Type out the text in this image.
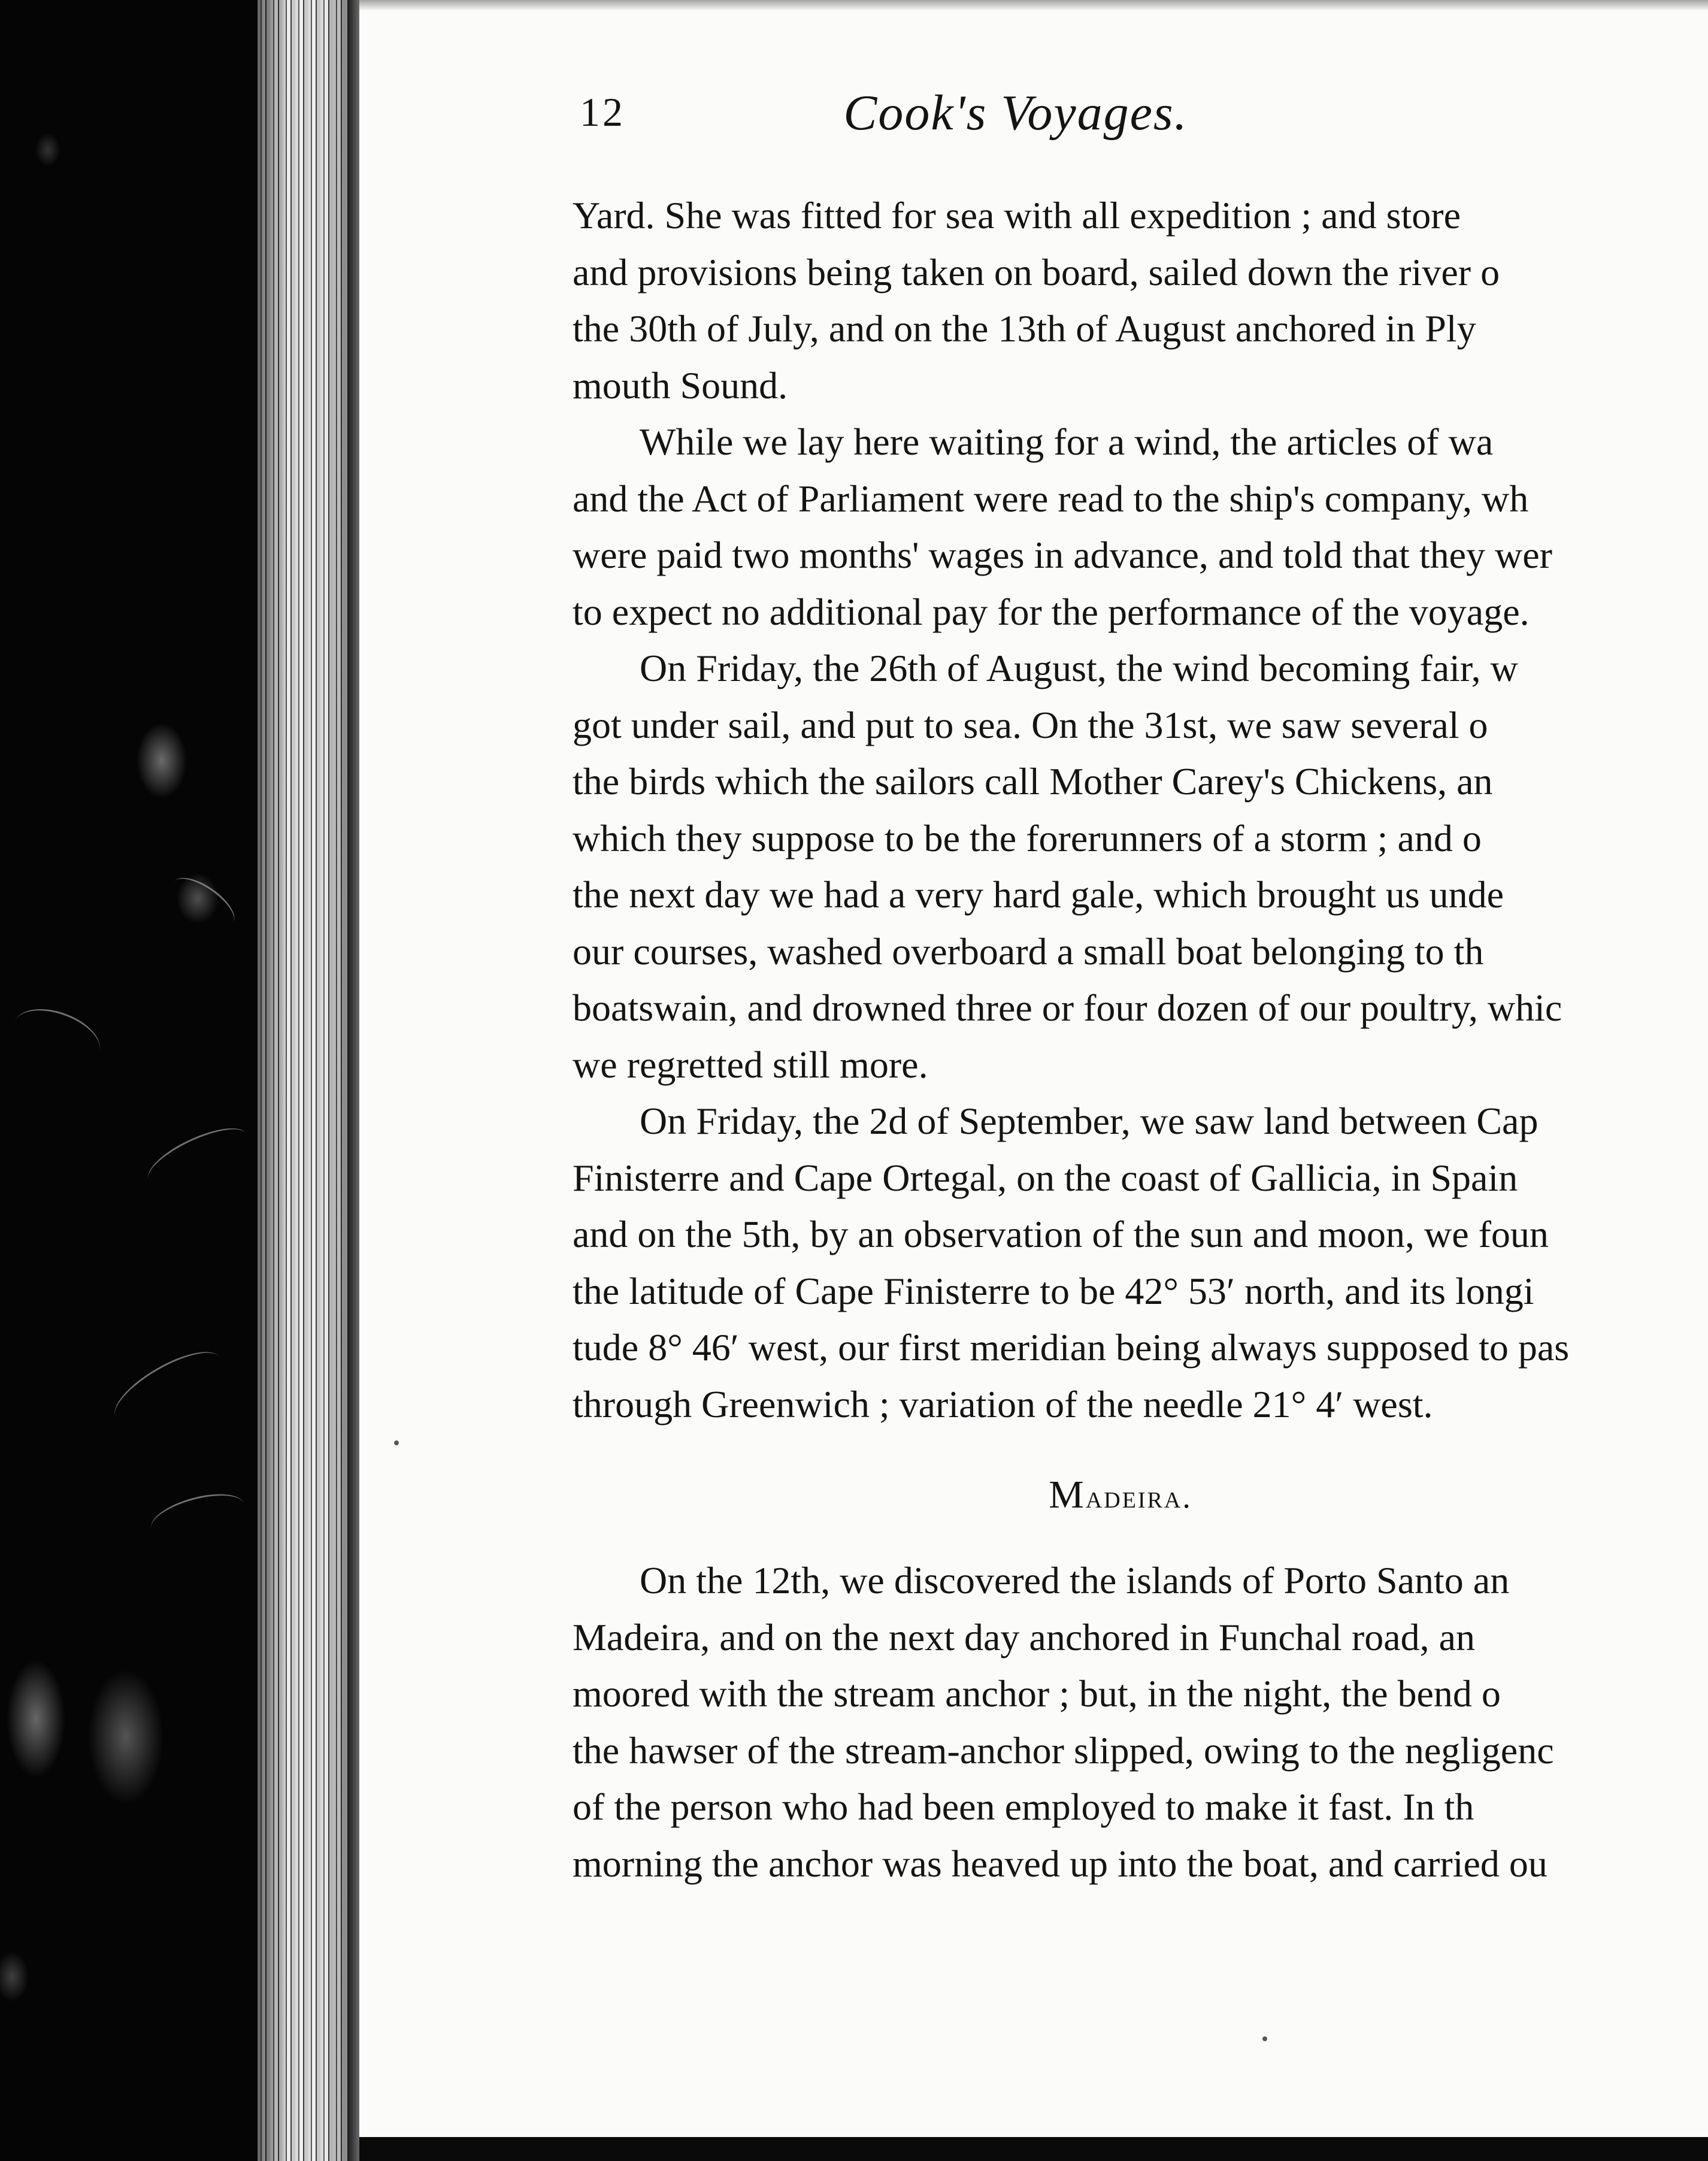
12	Cook's Voyages.
Yard. She was fitted for sea with all expedition ; and store
and provisions being taken on board, sailed down the river o
the 30th of July, and on the 13th of August anchored in Ply
mouth Sound.
While we lay here waiting for a wind, the articles of wa
and the Act of Parliament were read to the ship's company, wh
were paid two months' wages in advance, and told that they wer
to expect no additional pay for the performance of the voyage.
On Friday, the 26th of August, the wind becoming fair, w
got under sail, and put to sea. On the 31st, we saw several o
the birds which the sailors call Mother Carey's Chickens, an
which they suppose to be the forerunners of a storm ; and o
the next day we had a very hard gale, which brought us unde
our courses, washed overboard a small boat belonging to th
boatswain, and drowned three or four dozen of our poultry, whic
we regretted still more.
On Friday, the 2d of September, we saw land between Cap
Finisterre and Cape Ortegal, on the coast of Gallicia, in Spain
and on the 5th, by an observation of the sun and moon, we foun
the latitude of Cape Finisterre to be 42° 53′ north, and its longi
tude 8° 46′ west, our first meridian being always supposed to pas
through Greenwich ; variation of the needle 21° 4′ west.
Madeira.
On the 12th, we discovered the islands of Porto Santo an
Madeira, and on the next day anchored in Funchal road, an
moored with the stream anchor ; but, in the night, the bend o
the hawser of the stream-anchor slipped, owing to the negligenc
of the person who had been employed to make it fast. In th
morning the anchor was heaved up into the boat, and carried ou
